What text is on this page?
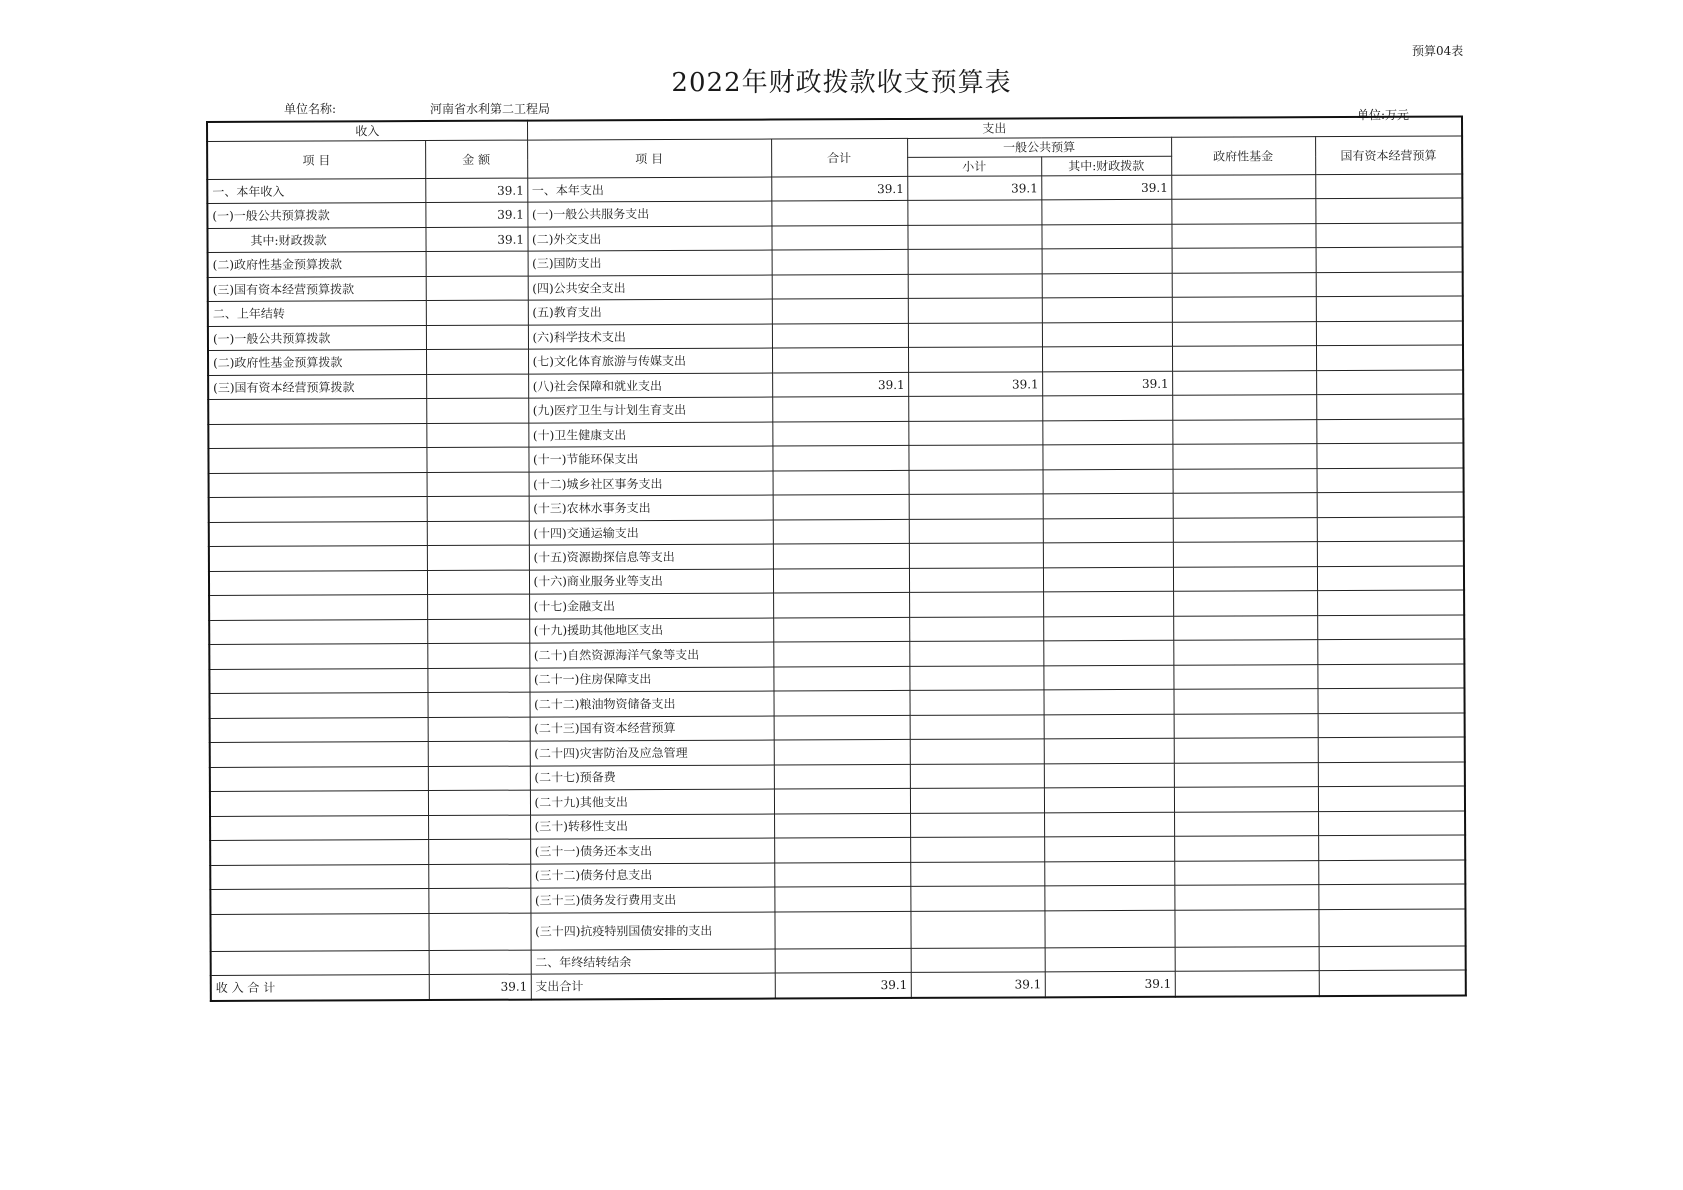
预算04表
2022年财政拨款收支预算表
单位名称:	河南省水利第二工程局	单位:万元
收入		支出					
项 目	金 额	项 目	合计	一般公共预算		政府性基金	国有资本经营预算
				小计	其中:财政拨款		
一、本年收入	39.1	一、本年支出	39.1	39.1	39.1		
(一)一般公共预算拨款	39.1	(一)一般公共服务支出					
其中:财政拨款	39.1	(二)外交支出					
(二)政府性基金预算拨款		(三)国防支出					
(三)国有资本经营预算拨款		(四)公共安全支出					
二、上年结转		(五)教育支出					
(一)一般公共预算拨款		(六)科学技术支出					
(二)政府性基金预算拨款		(七)文化体育旅游与传媒支出					
(三)国有资本经营预算拨款		(八)社会保障和就业支出	39.1	39.1	39.1		
		(九)医疗卫生与计划生育支出					
		(十)卫生健康支出					
		(十一)节能环保支出					
		(十二)城乡社区事务支出					
		(十三)农林水事务支出					
		(十四)交通运输支出					
		(十五)资源勘探信息等支出					
		(十六)商业服务业等支出					
		(十七)金融支出					
		(十九)援助其他地区支出					
		(二十)自然资源海洋气象等支出					
		(二十一)住房保障支出					
		(二十二)粮油物资储备支出					
		(二十三)国有资本经营预算					
		(二十四)灾害防治及应急管理					
		(二十七)预备费					
		(二十九)其他支出					
		(三十)转移性支出					
		(三十一)债务还本支出					
		(三十二)债务付息支出					
		(三十三)债务发行费用支出					
		(三十四)抗疫特别国债安排的支出					
		二、年终结转结余					
收 入 合 计	39.1	支出合计	39.1	39.1	39.1		
